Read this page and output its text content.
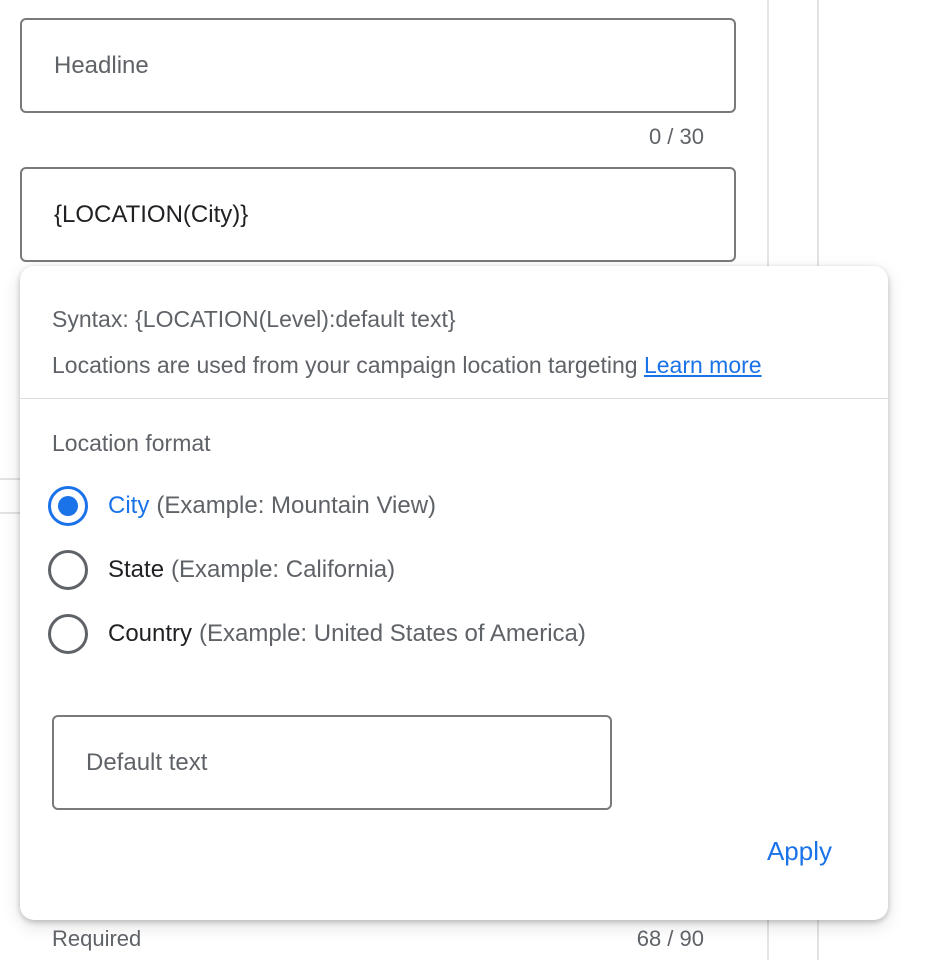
Headline
0 / 30
{LOCATION(City)}
Syntax: {LOCATION(Level):default text}
Locations are used from your campaign location targeting Learn more
Location format
City (Example: Mountain View)
State (Example: California)
Country (Example: United States of America)
Default text
Apply
Required	68 / 90
